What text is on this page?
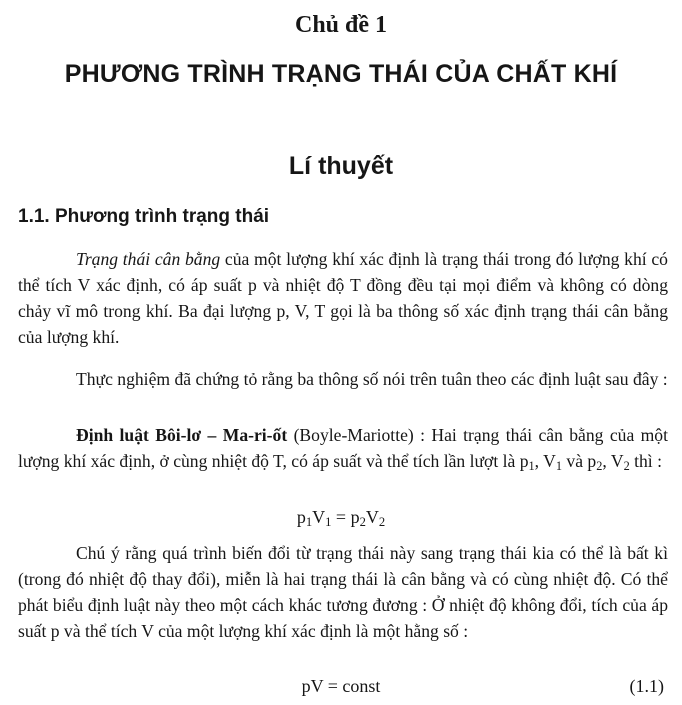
Chủ đề 1
PHƯƠNG TRÌNH TRẠNG THÁI CỦA CHẤT KHÍ
Lí thuyết
1.1. Phương trình trạng thái

Trạng thái cân bằng của một lượng khí xác định là trạng thái trong đó lượng khí có thể tích V xác định, có áp suất p và nhiệt độ T đồng đều tại mọi điểm và không có dòng chảy vĩ mô trong khí. Ba đại lượng p, V, T gọi là ba thông số xác định trạng thái cân bằng của lượng khí.

Thực nghiệm đã chứng tỏ rằng ba thông số nói trên tuân theo các định luật sau đây :

Định luật Bôi-lơ – Ma-ri-ốt (Boyle-Mariotte) : Hai trạng thái cân bằng của một lượng khí xác định, ở cùng nhiệt độ T, có áp suất và thể tích lần lượt là $p_1$, $V_1$ và $p_2$, $V_2$ thì :

$p_1V_1 = p_2V_2$

Chú ý rằng quá trình biến đổi từ trạng thái này sang trạng thái kia có thể là bất kì (trong đó nhiệt độ thay đổi), miễn là hai trạng thái là cân bằng và có cùng nhiệt độ. Có thể phát biểu định luật này theo một cách khác tương đương : Ở nhiệt độ không đổi, tích của áp suất p và thể tích V của một lượng khí xác định là một hằng số :

pV = const	(1.1)
